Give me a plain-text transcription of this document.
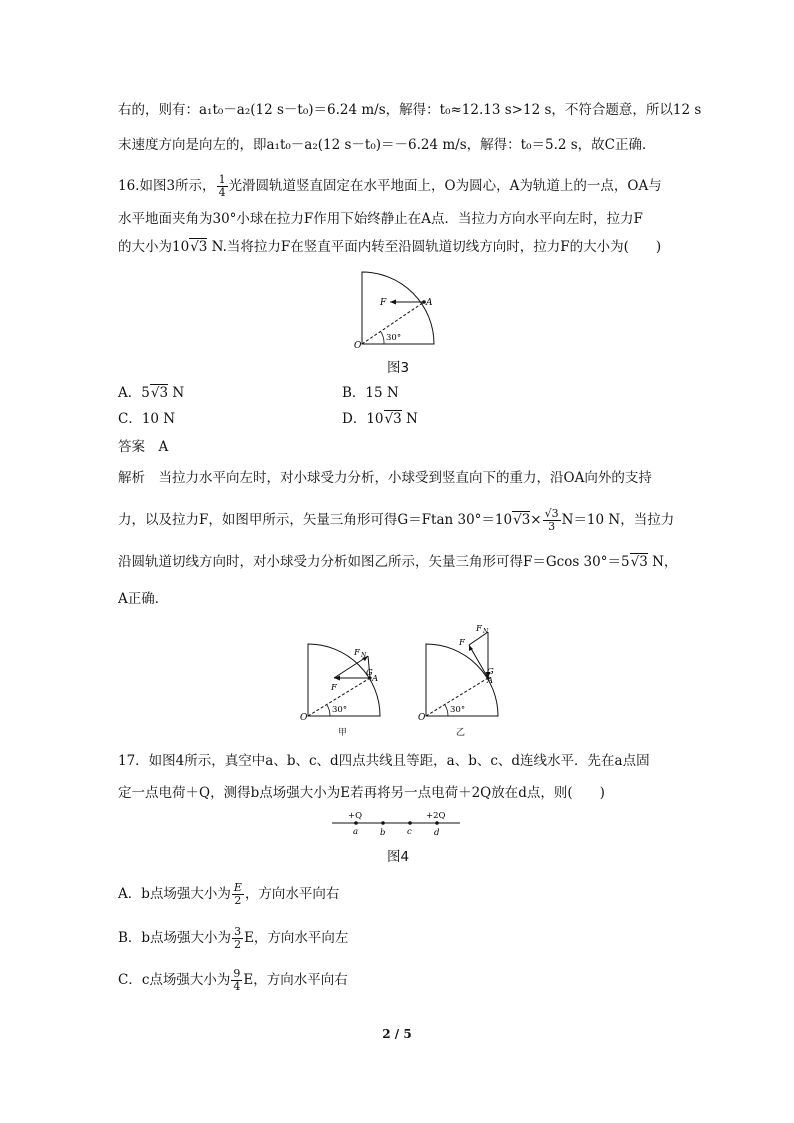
右的，则有：a₁t₀－a₂(12 s－t₀)＝6.24 m/s，解得：t₀≈12.13 s>12 s，不符合题意，所以12 s
末速度方向是向左的，即a₁t₀－a₂(12 s－t₀)＝－6.24 m/s，解得：t₀＝5.2 s，故C正确．
16.如图3所示， $\frac{1}{4}$ 光滑圆轨道竖直固定在水平地面上，O为圆心，A为轨道上的一点，OA与
水平地面夹角为30°小球在拉力F作用下始终静止在A点．当拉力方向水平向左时，拉力F
的大小为10√3 N.当将拉力F在竖直平面内转至沿圆轨道切线方向时，拉力F的大小为(　　)
F	A
O
30°
图3
A．5√3 N	B．15 N
C．10 N	D．10√3 N
答案　A
解析　当拉力水平向左时，对小球受力分析，小球受到竖直向下的重力，沿OA向外的支持
力，以及拉力F，如图甲所示，矢量三角形可得G＝Ftan $30^\circ=10√3\times \frac{√3}{3} N=10$ N，当拉力
沿圆轨道切线方向时，对小球受力分析如图乙所示，矢量三角形可得F＝Gcos 30°＝5√3 N，
A正确．
F N
G
A
F
O
30°
甲
F N
F
G
A
O
30°
乙
17．如图4所示，真空中a、b、c、d四点共线且等距，a、b、c、d连线水平．先在a点固
定一点电荷＋Q，测得b点场强大小为E若再将另一点电荷＋2Q放在d点，则(　　)
+Q	+2Q
a	b	c	d
图4
A．b点场强大小为 $\frac{E}{2}$ ，方向水平向右
B．b点场强大小为 $\frac{3}{2}$ E，方向水平向左
C．c点场强大小为 $\frac{9}{4}$ E，方向水平向右
2 / 5
